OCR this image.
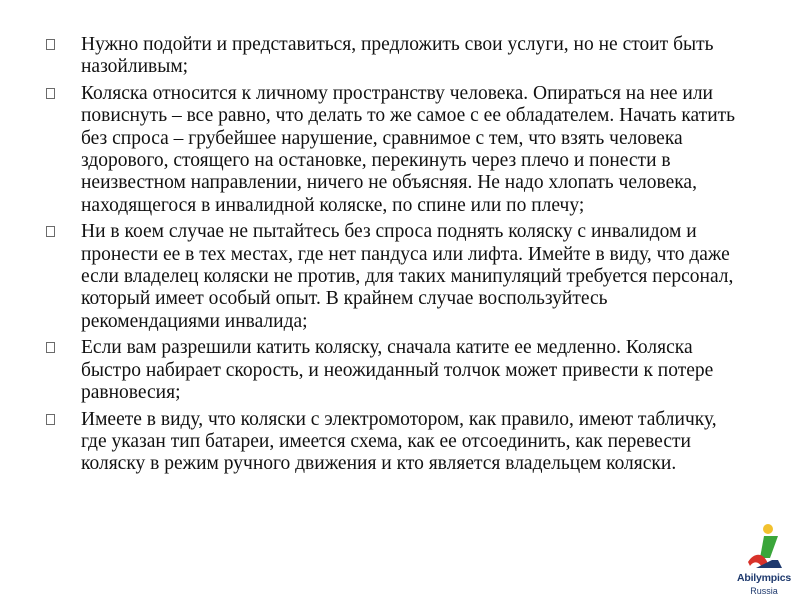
Нужно подойти и представиться, предложить свои услуги, но не стоит быть назойливым;
Коляска относится к личному пространству человека. Опираться на нее или повиснуть – все равно, что делать то же самое с ее обладателем. Начать катить без спроса – грубейшее нарушение, сравнимое с тем, что взять человека здорового, стоящего на остановке, перекинуть через плечо и понести в неизвестном направлении, ничего не объясняя. Не надо хлопать человека, находящегося в инвалидной коляске, по спине или по плечу;
Ни в коем случае не пытайтесь без спроса поднять коляску с инвалидом и пронести ее в тех местах, где нет пандуса или лифта. Имейте в виду, что даже если владелец коляски не против, для таких манипуляций требуется персонал, который имеет особый опыт. В крайнем случае воспользуйтесь рекомендациями инвалида;
Если вам разрешили катить коляску, сначала катите ее медленно. Коляска быстро набирает скорость, и неожиданный толчок может привести к потере равновесия;
Имеете в виду, что коляски с электромотором, как правило, имеют табличку, где указан тип батареи, имеется схема, как ее отсоединить, как перевести коляску в режим ручного движения и кто является владельцем коляски.
Abilympics
Russia
